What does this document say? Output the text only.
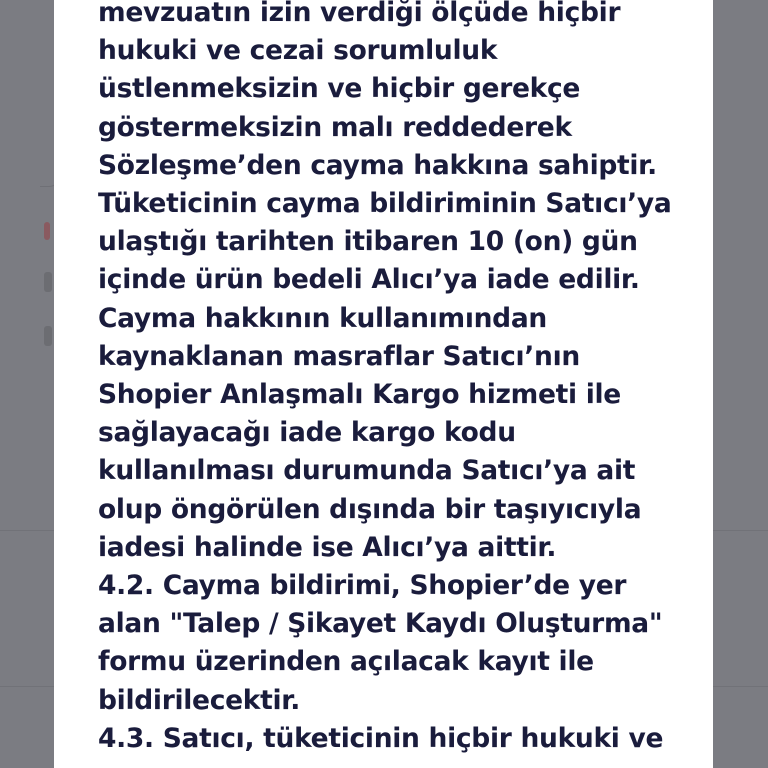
mevzuatın izin verdiği ölçüde hiçbir
hukuki ve cezai sorumluluk
üstlenmeksizin ve hiçbir gerekçe
göstermeksizin malı reddederek
Sözleşme’den cayma hakkına sahiptir.
Tüketicinin cayma bildiriminin Satıcı’ya
ulaştığı tarihten itibaren 10 (on) gün
içinde ürün bedeli Alıcı’ya iade edilir.
Cayma hakkının kullanımından
kaynaklanan masraflar Satıcı’nın
Shopier Anlaşmalı Kargo hizmeti ile
sağlayacağı iade kargo kodu
kullanılması durumunda Satıcı’ya ait
olup öngörülen dışında bir taşıyıcıyla
iadesi halinde ise Alıcı’ya aittir.
4.2. Cayma bildirimi, Shopier’de yer
alan "Talep / Şikayet Kaydı Oluşturma"
formu üzerinden açılacak kayıt ile
bildirilecektir.
4.3. Satıcı, tüketicinin hiçbir hukuki ve
